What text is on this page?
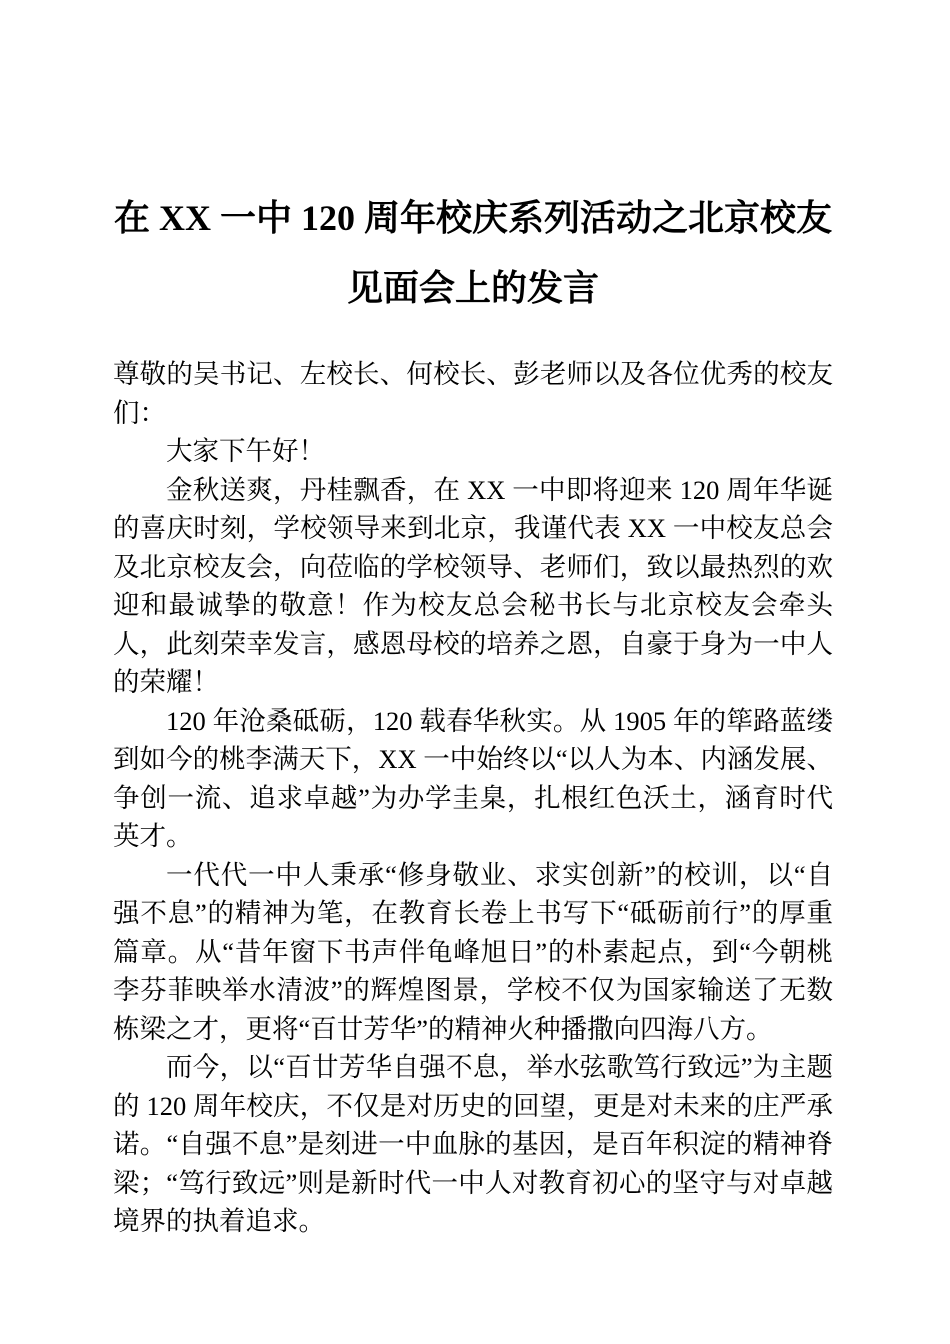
在 XX 一中 120 周年校庆系列活动之北京校友
见面会上的发言

尊敬的吴书记、左校长、何校长、彭老师以及各位优秀的校友们：

大家下午好！

金秋送爽，丹桂飘香，在 XX 一中即将迎来 120 周年华诞的喜庆时刻，学校领导来到北京，我谨代表 XX 一中校友总会及北京校友会，向莅临的学校领导、老师们，致以最热烈的欢迎和最诚挚的敬意！作为校友总会秘书长与北京校友会牵头人，此刻荣幸发言，感恩母校的培养之恩，自豪于身为一中人的荣耀！

120 年沧桑砥砺，120 载春华秋实。从 1905 年的筚路蓝缕到如今的桃李满天下，XX 一中始终以“以人为本、内涵发展、争创一流、追求卓越”为办学圭臬，扎根红色沃土，涵育时代英才。

一代代一中人秉承“修身敬业、求实创新”的校训，以“自强不息”的精神为笔，在教育长卷上书写下“砥砺前行”的厚重篇章。从“昔年窗下书声伴龟峰旭日”的朴素起点，到“今朝桃李芬菲映举水清波”的辉煌图景，学校不仅为国家输送了无数栋梁之才，更将“百廿芳华”的精神火种播撒向四海八方。

而今，以“百廿芳华自强不息，举水弦歌笃行致远”为主题的 120 周年校庆，不仅是对历史的回望，更是对未来的庄严承诺。“自强不息”是刻进一中血脉的基因，是百年积淀的精神脊梁；“笃行致远”则是新时代一中人对教育初心的坚守与对卓越境界的执着追求。
